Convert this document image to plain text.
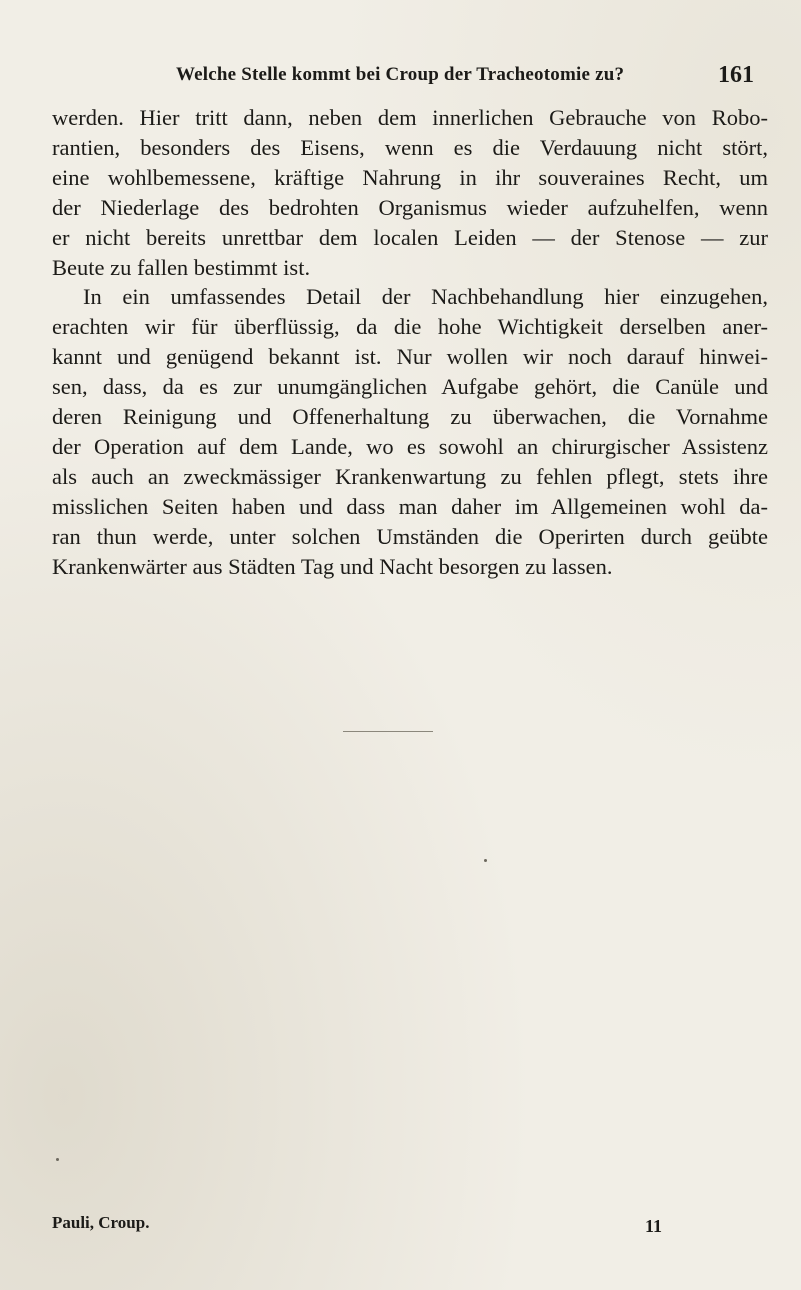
Welche Stelle kommt bei Croup der Tracheotomie zu?	161
werden. Hier tritt dann, neben dem innerlichen Gebrauche von Robo-
rantien, besonders des Eisens, wenn es die Verdauung nicht stört,
eine wohlbemessene, kräftige Nahrung in ihr souveraines Recht, um
der Niederlage des bedrohten Organismus wieder aufzuhelfen, wenn
er nicht bereits unrettbar dem localen Leiden — der Stenose — zur
Beute zu fallen bestimmt ist.
In ein umfassendes Detail der Nachbehandlung hier einzugehen,
erachten wir für überflüssig, da die hohe Wichtigkeit derselben aner-
kannt und genügend bekannt ist. Nur wollen wir noch darauf hinwei-
sen, dass, da es zur unumgänglichen Aufgabe gehört, die Canüle und
deren Reinigung und Offenerhaltung zu überwachen, die Vornahme
der Operation auf dem Lande, wo es sowohl an chirurgischer Assistenz
als auch an zweckmässiger Krankenwartung zu fehlen pflegt, stets ihre
misslichen Seiten haben und dass man daher im Allgemeinen wohl da-
ran thun werde, unter solchen Umständen die Operirten durch geübte
Krankenwärter aus Städten Tag und Nacht besorgen zu lassen.
Pauli, Croup.	11
